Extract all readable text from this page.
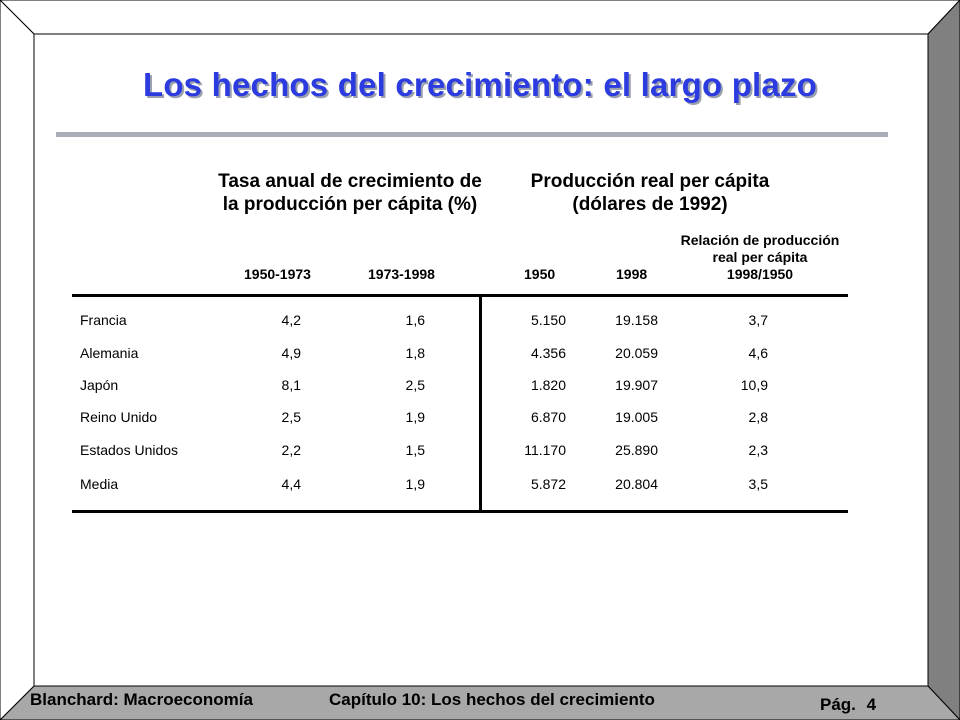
Los hechos del crecimiento: el largo plazo
Tasa anual de crecimiento de
la producción per cápita (%)
Producción real per cápita
(dólares de 1992)
Relación de producción
real per cápita
1998/1950
1950-1973	1973-1998	1950	1998
Francia	4,2	1,6	5.150	19.158	3,7
Alemania	4,9	1,8	4.356	20.059	4,6
Japón	8,1	2,5	1.820	19.907	10,9
Reino Unido	2,5	1,9	6.870	19.005	2,8
Estados Unidos	2,2	1,5	11.170	25.890	2,3
Media	4,4	1,9	5.872	20.804	3,5
Blanchard: Macroeconomía	Capítulo 10: Los hechos del crecimiento	Pág. 4
